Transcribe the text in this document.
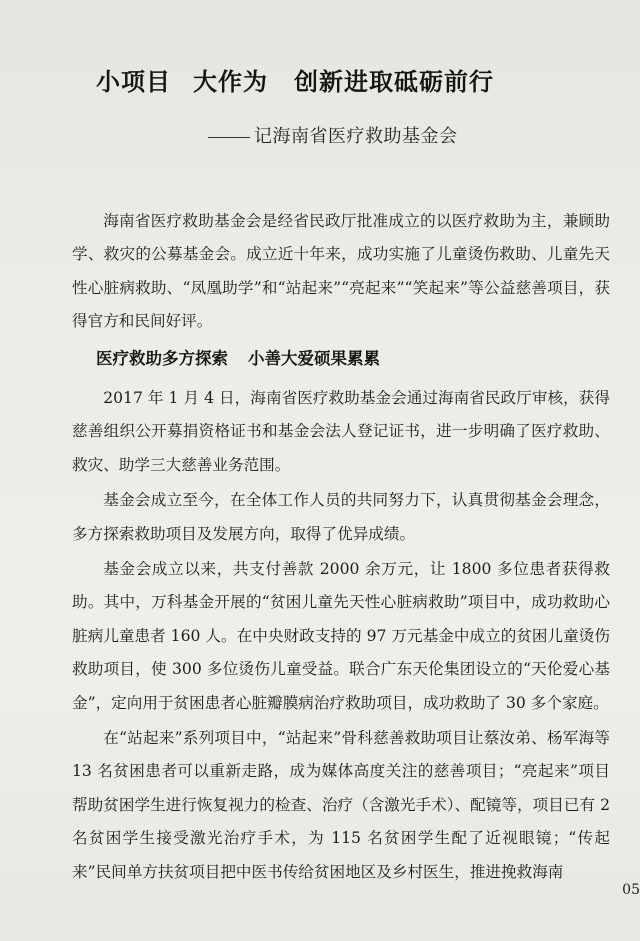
小项目 大作为 创新进取砥砺前行
记海南省医疗救助基金会

海南省医疗救助基金会是经省民政厅批准成立的以医疗救助为主，兼顾助学、救灾的公募基金会。成立近十年来，成功实施了儿童烫伤救助、儿童先天性心脏病救助、“凤凰助学”和“站起来”“亮起来”“笑起来”等公益慈善项目，获得官方和民间好评。

医疗救助多方探索 小善大爱硕果累累

2017 年 1 月 4 日，海南省医疗救助基金会通过海南省民政厅审核，获得慈善组织公开募捐资格证书和基金会法人登记证书，进一步明确了医疗救助、救灾、助学三大慈善业务范围。

基金会成立至今，在全体工作人员的共同努力下，认真贯彻基金会理念，多方探索救助项目及发展方向，取得了优异成绩。

基金会成立以来，共支付善款 2000 余万元，让 1800 多位患者获得救助。其中，万科基金开展的“贫困儿童先天性心脏病救助”项目中，成功救助心脏病儿童患者 160 人。在中央财政支持的 97 万元基金中成立的贫困儿童烫伤救助项目，使 300 多位烫伤儿童受益。联合广东天伦集团设立的“天伦爱心基金”，定向用于贫困患者心脏瓣膜病治疗救助项目，成功救助了 30 多个家庭。

在“站起来”系列项目中，“站起来”骨科慈善救助项目让蔡汝弟、杨军海等 13 名贫困患者可以重新走路，成为媒体高度关注的慈善项目；“亮起来”项目帮助贫困学生进行恢复视力的检查、治疗（含激光手术）、配镜等，项目已有 2 名贫困学生接受激光治疗手术，为 115 名贫困学生配了近视眼镜；“传起来”民间单方扶贫项目把中医书传给贫困地区及乡村医生，推进挽救海南

05
